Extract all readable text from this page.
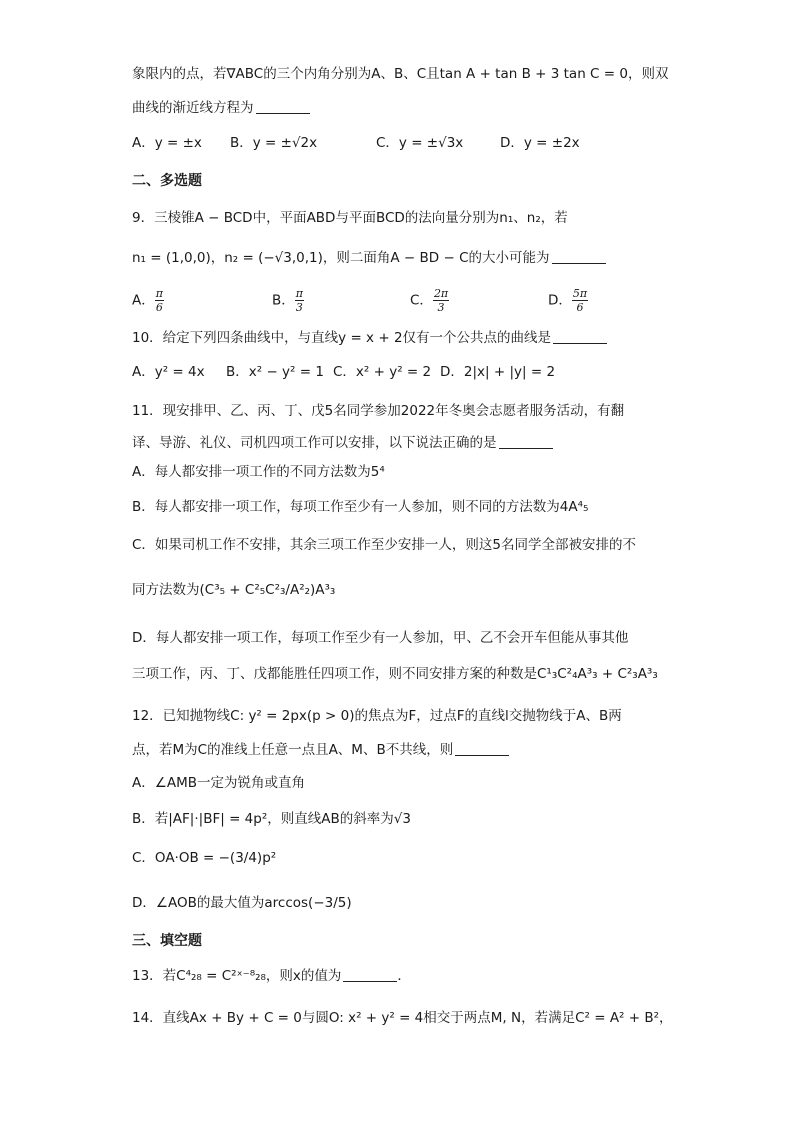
象限内的点，若∇ABC的三个内角分别为A、B、C且tan A + tan B + 3 tan C = 0，则双
曲线的渐近线方程为
A．y = ±x B．y = ±√2x	C．y = ±√3x	D．y = ±2x
二、多选题
9．三棱锥A − BCD中，平面ABD与平面BCD的法向量分别为n₁、n₂，若
n₁ = (1,0,0)，n₂ = (−√3,0,1)，则二面角A − BD − C的大小可能为
A． $\frac{\pi}{6}$	B． $\frac{\pi}{3}$	C． $\frac{2\pi}{3}$	D． $\frac{5\pi}{6}$
10．给定下列四条曲线中，与直线y = x + 2仅有一个公共点的曲线是
A．y² = 4x B．x² − y² = 1 C．x² + y² = 2 D．2|x| + |y| = 2
11．现安排甲、乙、丙、丁、戊5名同学参加2022年冬奥会志愿者服务活动，有翻
译、导游、礼仪、司机四项工作可以安排，以下说法正确的是
A．每人都安排一项工作的不同方法数为5⁴
B．每人都安排一项工作，每项工作至少有一人参加，则不同的方法数为4A⁴₅
C．如果司机工作不安排，其余三项工作至少安排一人，则这5名同学全部被安排的不
同方法数为(C³₅ + C²₅C²₃/A²₂)A³₃
D．每人都安排一项工作，每项工作至少有一人参加，甲、乙不会开车但能从事其他
三项工作，丙、丁、戊都能胜任四项工作，则不同安排方案的种数是C¹₃C²₄A³₃ + C²₃A³₃
12．已知抛物线C: y² = 2px(p > 0)的焦点为F，过点F的直线l交抛物线于A、B两
点，若M为C的准线上任意一点且A、M、B不共线，则
A．∠AMB一定为锐角或直角
B．若|AF|·|BF| = 4p²，则直线AB的斜率为√3
C．OA·OB = −(3/4)p²
D．∠AOB的最大值为arccos(−3/5)
三、填空题
13．若C⁴₂₈ = C²ˣ⁻⁸₂₈，则x的值为	．
14．直线Ax + By + C = 0与圆O: x² + y² = 4相交于两点M, N，若满足C² = A² + B²，
